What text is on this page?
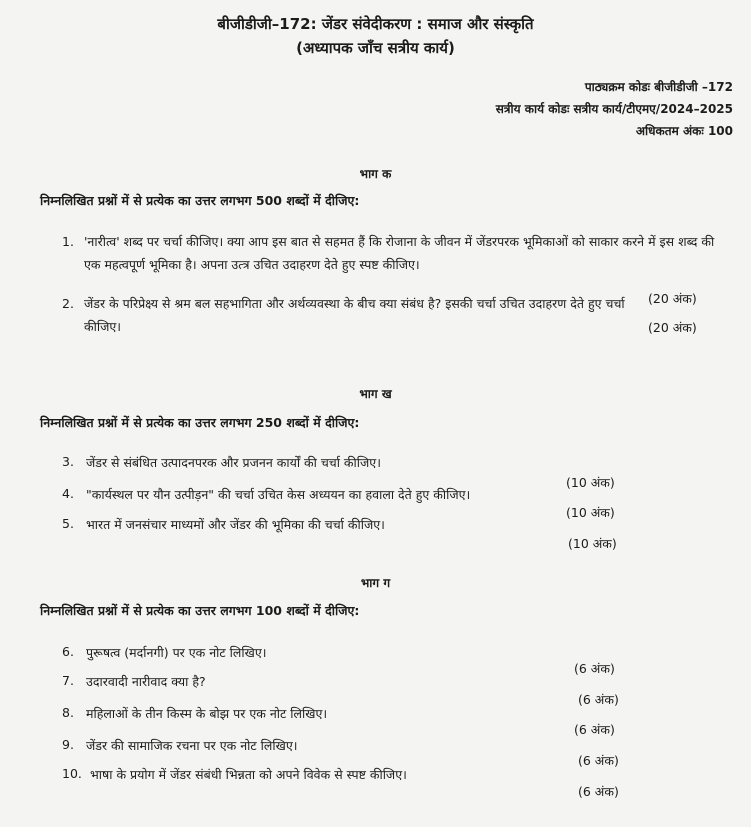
बीजीडीजी–172: जेंडर संवेदीकरण : समाज और संस्कृति
(अध्यापक जाँच सत्रीय कार्य)
पाठ्यक्रम कोडः बीजीडीजी –172
सत्रीय कार्य कोडः सत्रीय कार्य/टीएमए/2024–2025
अधिकतम अंकः 100
भाग क
निम्नलिखित प्रश्नों में से प्रत्येक का उत्तर लगभग 500 शब्दों में दीजिए:
1. 'नारीत्व' शब्द पर चर्चा कीजिए। क्या आप इस बात से सहमत हैं कि रोजाना के जीवन में जेंडरपरक भूमिकाओं को साकार करने में इस शब्द की एक महत्वपूर्ण भूमिका है। अपना उत्त्र उचित उदाहरण देते हुए स्पष्ट कीजिए।
(20 अंक)
2. जेंडर के परिप्रेक्ष्य से श्रम बल सहभागिता और अर्थव्यवस्था के बीच क्या संबंध है? इसकी चर्चा उचित उदाहरण देते हुए चर्चा कीजिए।	(20 अंक)
भाग ख
निम्नलिखित प्रश्नों में से प्रत्येक का उत्तर लगभग 250 शब्दों में दीजिए:
3. जेंडर से संबंधित उत्पादनपरक और प्रजनन कार्यों की चर्चा कीजिए।
(10 अंक)
4. "कार्यस्थल पर यौन उत्पीड़न" की चर्चा उचित केस अध्ययन का हवाला देते हुए कीजिए।
(10 अंक)
5. भारत में जनसंचार माध्यमों और जेंडर की भूमिका की चर्चा कीजिए।
(10 अंक)
भाग ग
निम्नलिखित प्रश्नों में से प्रत्येक का उत्तर लगभग 100 शब्दों में दीजिए:
6. पुरूषत्व (मर्दानगी) पर एक नोट लिखिए।
(6 अंक)
7. उदारवादी नारीवाद क्या है?
(6 अंक)
8. महिलाओं के तीन किस्म के बोझ पर एक नोट लिखिए।
(6 अंक)
9. जेंडर की सामाजिक रचना पर एक नोट लिखिए।
(6 अंक)
10. भाषा के प्रयोग में जेंडर संबंधी भिन्नता को अपने विवेक से स्पष्ट कीजिए।
(6 अंक)
